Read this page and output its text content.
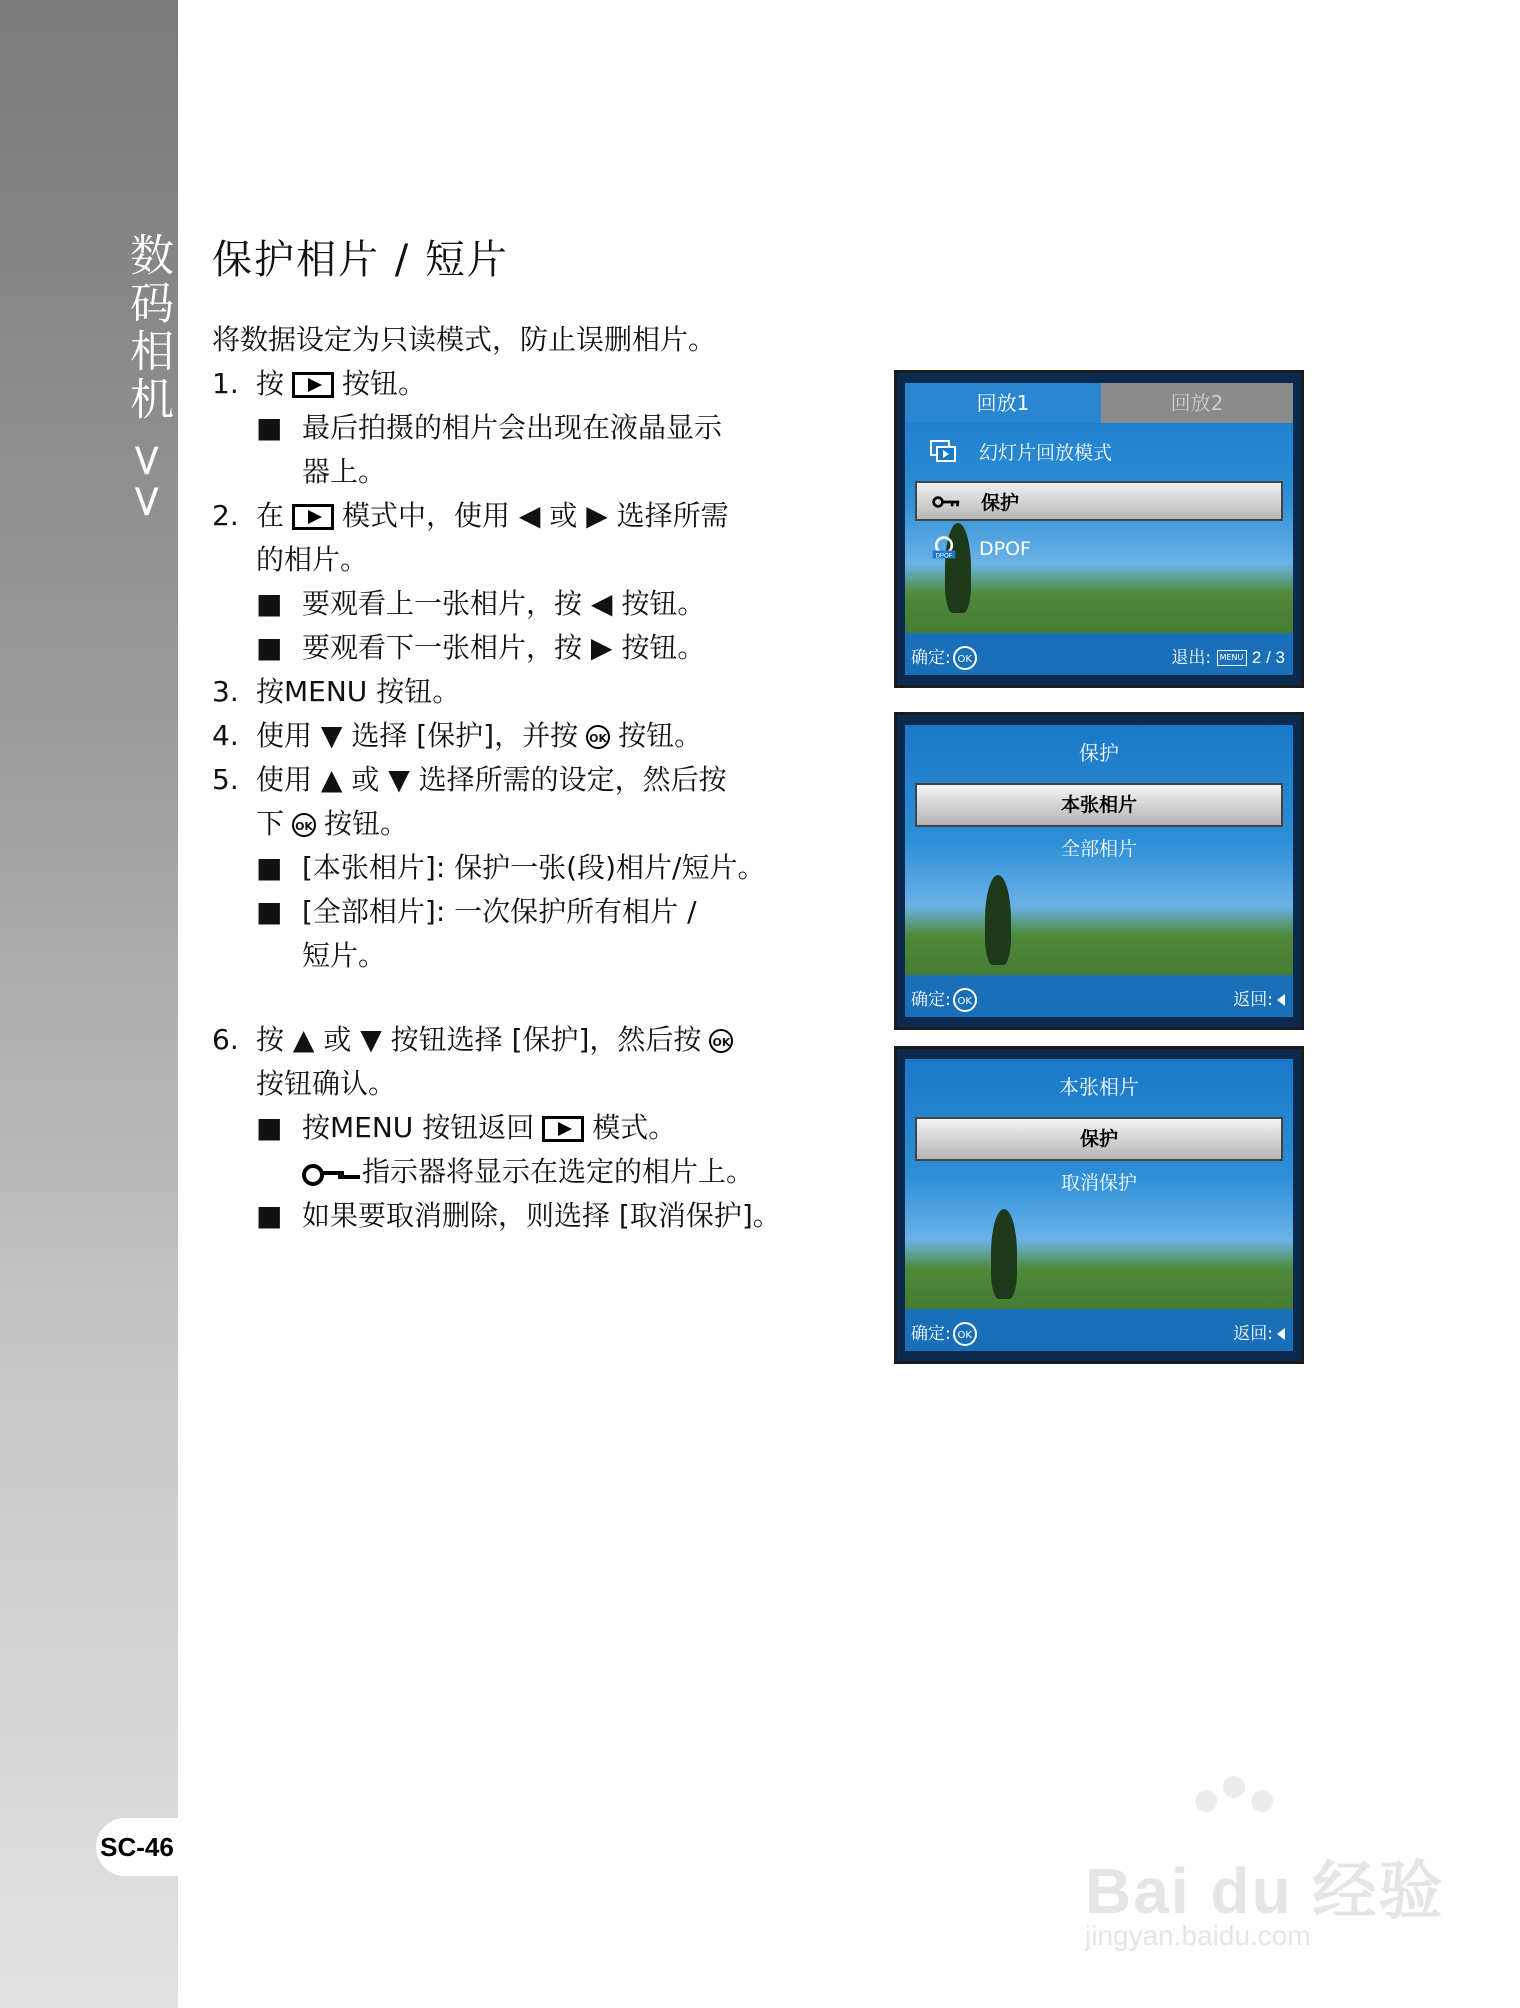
数码相机 >>
SC-46
保护相片 / 短片
将数据设定为只读模式，防止误删相片。
1. 按 按钮。
■ 最后拍摄的相片会出现在液晶显示
器上。
2. 在 模式中，使用 ◀ 或 ▶ 选择所需
的相片。
■ 要观看上一张相片，按 ◀ 按钮。
■ 要观看下一张相片，按 ▶ 按钮。
3. 按MENU 按钮。
4. 使用 ▼ 选择 [保护]，并按 OK 按钮。
5. 使用 ▲ 或 ▼ 选择所需的设定，然后按
下 OK 按钮。
■ [本张相片]: 保护一张(段)相片/短片。
■ [全部相片]: 一次保护所有相片 /
短片。
6. 按 ▲ 或 ▼ 按钮选择 [保护]，然后按 OK
按钮确认。
■ 按MENU 按钮返回 模式。
指示器将显示在选定的相片上。
■ 如果要取消删除，则选择 [取消保护]。
回放1	回放2
幻灯片回放模式
保护
DPOF DPOF
确定: OK	退出: MENU 2 / 3
保护
本张相片
全部相片
确定: OK	返回:
本张相片
保护
取消保护
确定: OK	返回:
Bai du 经验
jingyan.baidu.com
